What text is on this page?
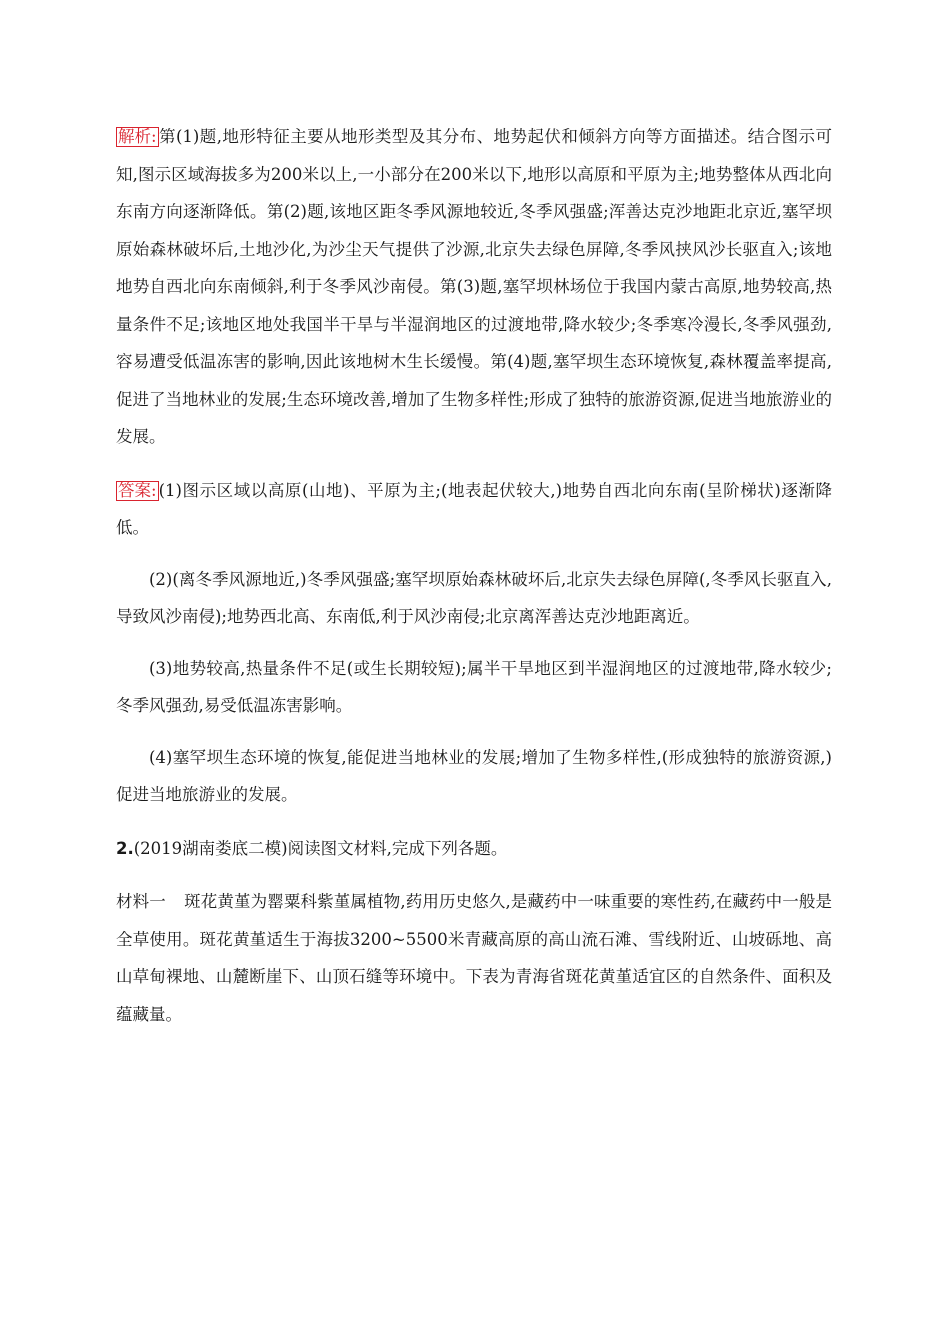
解析: 第(1)题,地形特征主要从地形类型及其分布、地势起伏和倾斜方向等方面描述。结合图示可知,图示区域海拔多为200米以上,一小部分在200米以下,地形以高原和平原为主;地势整体从西北向东南方向逐渐降低。第(2)题,该地区距冬季风源地较近,冬季风强盛;浑善达克沙地距北京近,塞罕坝原始森林破坏后,土地沙化,为沙尘天气提供了沙源,北京失去绿色屏障,冬季风挟风沙长驱直入;该地地势自西北向东南倾斜,利于冬季风沙南侵。第(3)题,塞罕坝林场位于我国内蒙古高原,地势较高,热量条件不足;该地区地处我国半干旱与半湿润地区的过渡地带,降水较少;冬季寒冷漫长,冬季风强劲,容易遭受低温冻害的影响,因此该地树木生长缓慢。第(4)题,塞罕坝生态环境恢复,森林覆盖率提高,促进了当地林业的发展;生态环境改善,增加了生物多样性;形成了独特的旅游资源,促进当地旅游业的发展。

答案: (1)图示区域以高原(山地)、平原为主;(地表起伏较大,)地势自西北向东南(呈阶梯状)逐渐降低。

(2)(离冬季风源地近,)冬季风强盛;塞罕坝原始森林破坏后,北京失去绿色屏障(,冬季风长驱直入,导致风沙南侵);地势西北高、东南低,利于风沙南侵;北京离浑善达克沙地距离近。

(3)地势较高,热量条件不足(或生长期较短);属半干旱地区到半湿润地区的过渡地带,降水较少;冬季风强劲,易受低温冻害影响。

(4)塞罕坝生态环境的恢复,能促进当地林业的发展;增加了生物多样性,(形成独特的旅游资源,)促进当地旅游业的发展。

2.(2019湖南娄底二模)阅读图文材料,完成下列各题。

材料一 斑花黄堇为罂粟科紫堇属植物,药用历史悠久,是藏药中一味重要的寒性药,在藏药中一般是全草使用。斑花黄堇适生于海拔3200~5500米青藏高原的高山流石滩、雪线附近、山坡砾地、高山草甸裸地、山麓断崖下、山顶石缝等环境中。下表为青海省斑花黄堇适宜区的自然条件、面积及蕴藏量。
